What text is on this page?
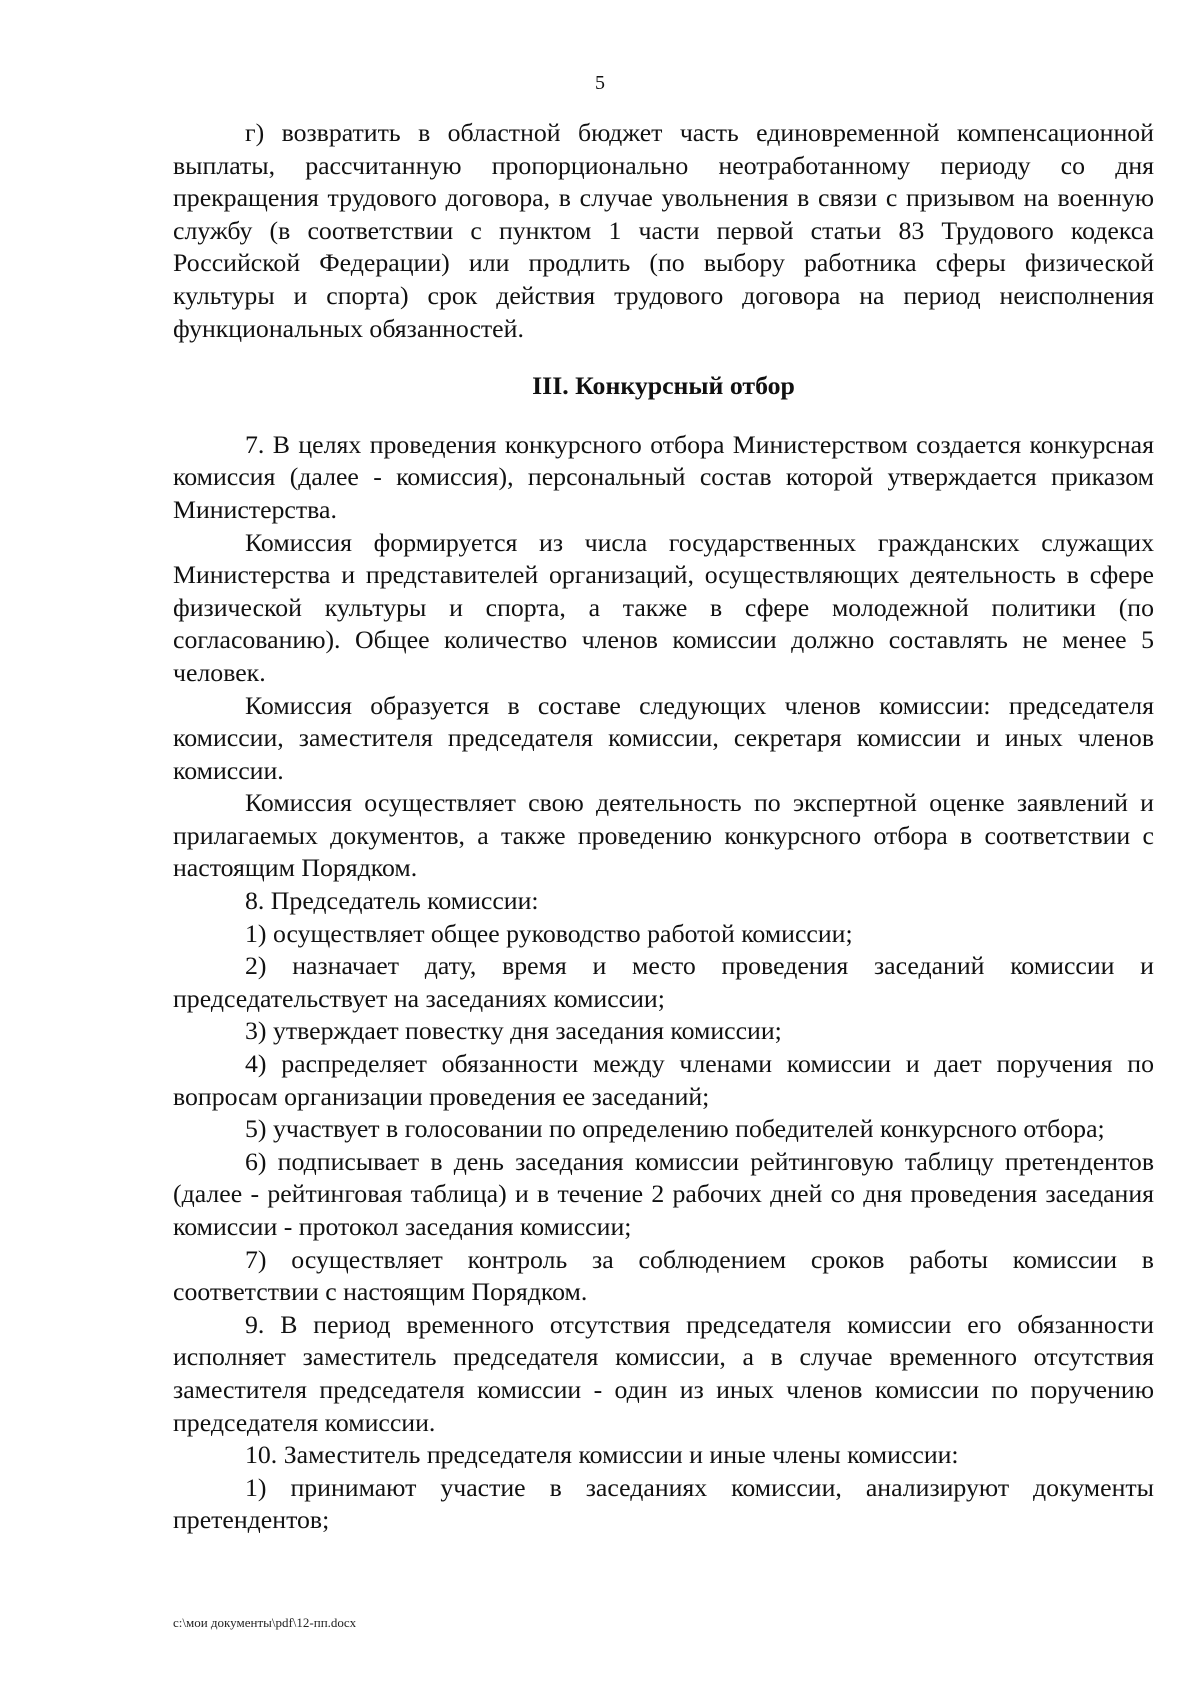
5

г) возвратить в областной бюджет часть единовременной компенсационной выплаты, рассчитанную пропорционально неотработанному периоду со дня прекращения трудового договора, в случае увольнения в связи с призывом на военную службу (в соответствии с пунктом 1 части первой статьи 83 Трудового кодекса Российской Федерации) или продлить (по выбору работника сферы физической культуры и спорта) срок действия трудового договора на период неисполнения функциональных обязанностей.

III. Конкурсный отбор

7. В целях проведения конкурсного отбора Министерством создается конкурсная комиссия (далее - комиссия), персональный состав которой утверждается приказом Министерства.

Комиссия формируется из числа государственных гражданских служащих Министерства и представителей организаций, осуществляющих деятельность в сфере физической культуры и спорта, а также в сфере молодежной политики (по согласованию). Общее количество членов комиссии должно составлять не менее 5 человек.

Комиссия образуется в составе следующих членов комиссии: председателя комиссии, заместителя председателя комиссии, секретаря комиссии и иных членов комиссии.

Комиссия осуществляет свою деятельность по экспертной оценке заявлений и прилагаемых документов, а также проведению конкурсного отбора в соответствии с настоящим Порядком.

8. Председатель комиссии:

1) осуществляет общее руководство работой комиссии;

2) назначает дату, время и место проведения заседаний комиссии и председательствует на заседаниях комиссии;

3) утверждает повестку дня заседания комиссии;

4) распределяет обязанности между членами комиссии и дает поручения по вопросам организации проведения ее заседаний;

5) участвует в голосовании по определению победителей конкурсного отбора;

6) подписывает в день заседания комиссии рейтинговую таблицу претендентов (далее - рейтинговая таблица) и в течение 2 рабочих дней со дня проведения заседания комиссии - протокол заседания комиссии;

7) осуществляет контроль за соблюдением сроков работы комиссии в соответствии с настоящим Порядком.

9. В период временного отсутствия председателя комиссии его обязанности исполняет заместитель председателя комиссии, а в случае временного отсутствия заместителя председателя комиссии - один из иных членов комиссии по поручению председателя комиссии.

10. Заместитель председателя комиссии и иные члены комиссии:

1) принимают участие в заседаниях комиссии, анализируют документы претендентов;

c:\мои документы\pdf\12-пп.docx
